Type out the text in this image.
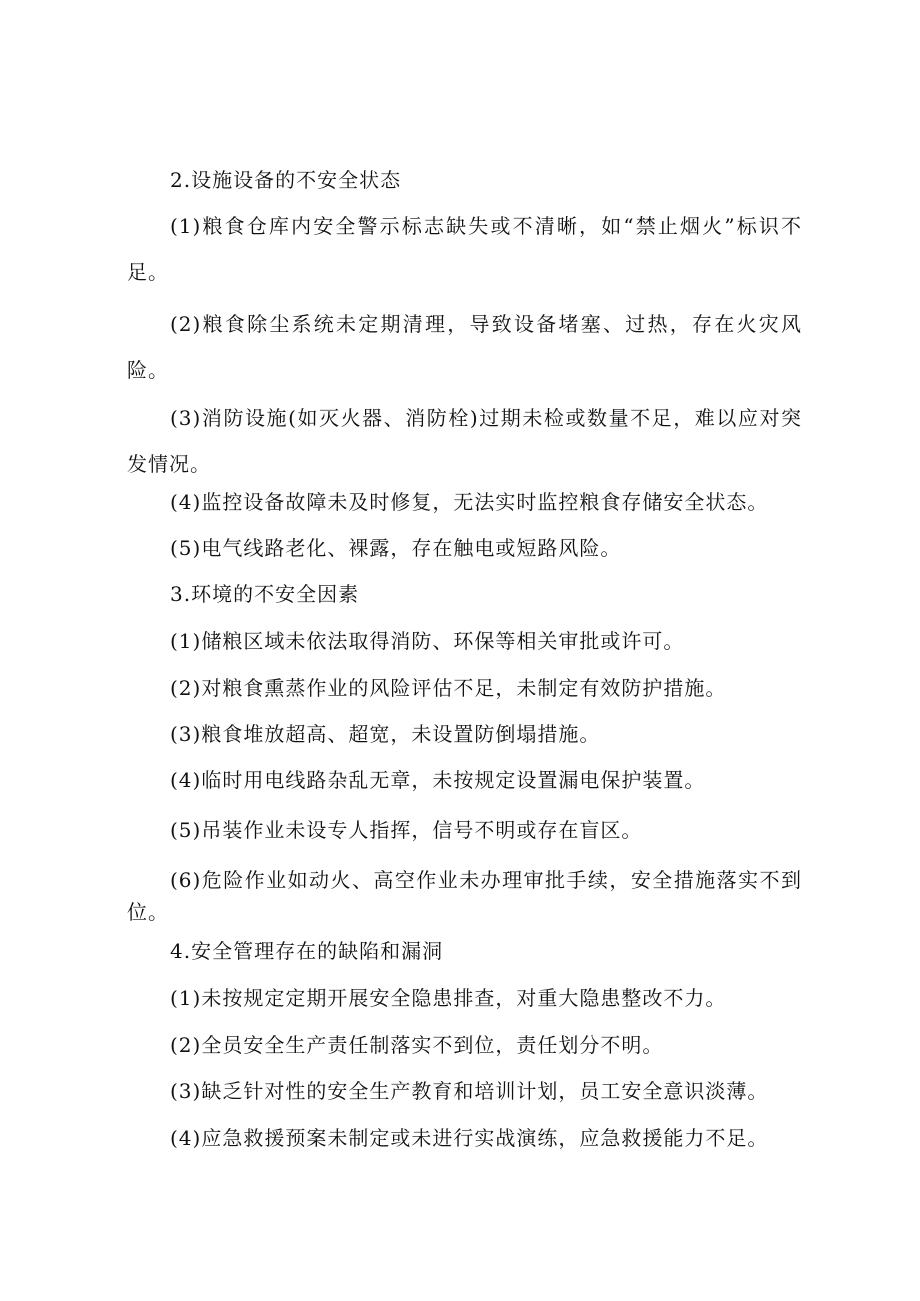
2.设施设备的不安全状态
(1)粮食仓库内安全警示标志缺失或不清晰，如“禁止烟火”标识不足。
(2)粮食除尘系统未定期清理，导致设备堵塞、过热，存在火灾风险。
(3)消防设施(如灭火器、消防栓)过期未检或数量不足，难以应对突发情况。
(4)监控设备故障未及时修复，无法实时监控粮食存储安全状态。
(5)电气线路老化、裸露，存在触电或短路风险。
3.环境的不安全因素
(1)储粮区域未依法取得消防、环保等相关审批或许可。
(2)对粮食熏蒸作业的风险评估不足，未制定有效防护措施。
(3)粮食堆放超高、超宽，未设置防倒塌措施。
(4)临时用电线路杂乱无章，未按规定设置漏电保护装置。
(5)吊装作业未设专人指挥，信号不明或存在盲区。
(6)危险作业如动火、高空作业未办理审批手续，安全措施落实不到位。
4.安全管理存在的缺陷和漏洞
(1)未按规定定期开展安全隐患排查，对重大隐患整改不力。
(2)全员安全生产责任制落实不到位，责任划分不明。
(3)缺乏针对性的安全生产教育和培训计划，员工安全意识淡薄。
(4)应急救援预案未制定或未进行实战演练，应急救援能力不足。
